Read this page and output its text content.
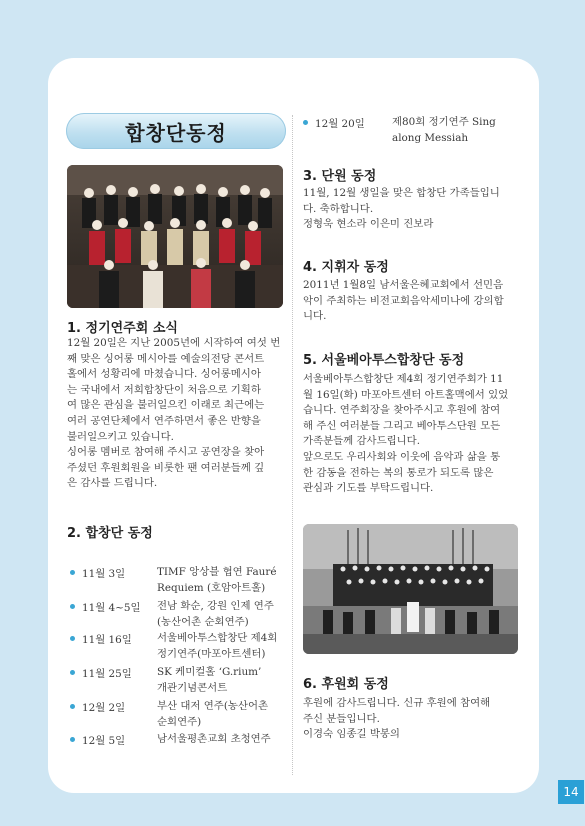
합창단동정
1. 정기연주회 소식
12월 20일은 지난 2005년에 시작하여 여섯 번
째 맞은 싱어롱 메시아를 예술의전당 콘서트
홀에서 성황리에 마쳤습니다. 싱어롱메시아
는 국내에서 저희합창단이 처음으로 기획하
여 많은 관심을 불러일으킨 이래로 최근에는
여러 공연단체에서 연주하면서 좋은 반향을
불러일으키고 있습니다.
싱어롱 멤버로 참여해 주시고 공연장을 찾아
주셨던 후원회원을 비롯한 팬 여러분들께 깊
은 감사를 드립니다.
2. 합창단 동정
11월 3일	TIMF 앙상블 협연 Fauré
Requiem (호암아트홀)
11월 4~5일 전남 화순, 강원 인제 연주
(농산어촌 순회연주)
11월 16일 서울베아투스합창단 제4회
정기연주(마포아트센터)
11월 25일 SK 케미컬홀 ‘G.rium’
개관기념콘서트
12월 2일	부산 대저 연주(농산어촌
순회연주)
12월 5일	남서울평촌교회 초청연주
12월 20일	제80회 정기연주 Sing
along Messiah
3. 단원 동정
11월, 12월 생일을 맞은 합창단 가족들입니
다. 축하합니다.
정형욱 현소라 이은미 진보라
4. 지휘자 동정
2011년 1월8일 남서울은혜교회에서 선민음
악이 주최하는 비전교회음악세미나에 강의합
니다.
5. 서울베아투스합창단 동정
서울베아투스합창단 제4회 정기연주회가 11
월 16일(화) 마포아트센터 아트홀맥에서 있었
습니다. 연주회장을 찾아주시고 후원에 참여
해 주신 여러분들 그리고 베아투스단원 모든
가족분들께 감사드립니다.
앞으로도 우리사회와 이웃에 음악과 삶을 통
한 감동을 전하는 복의 통로가 되도록 많은
관심과 기도를 부탁드립니다.
6. 후원회 동정
후원에 감사드립니다. 신규 후원에 참여해
주신 분들입니다.
이경숙 임종길 박봉의
14
